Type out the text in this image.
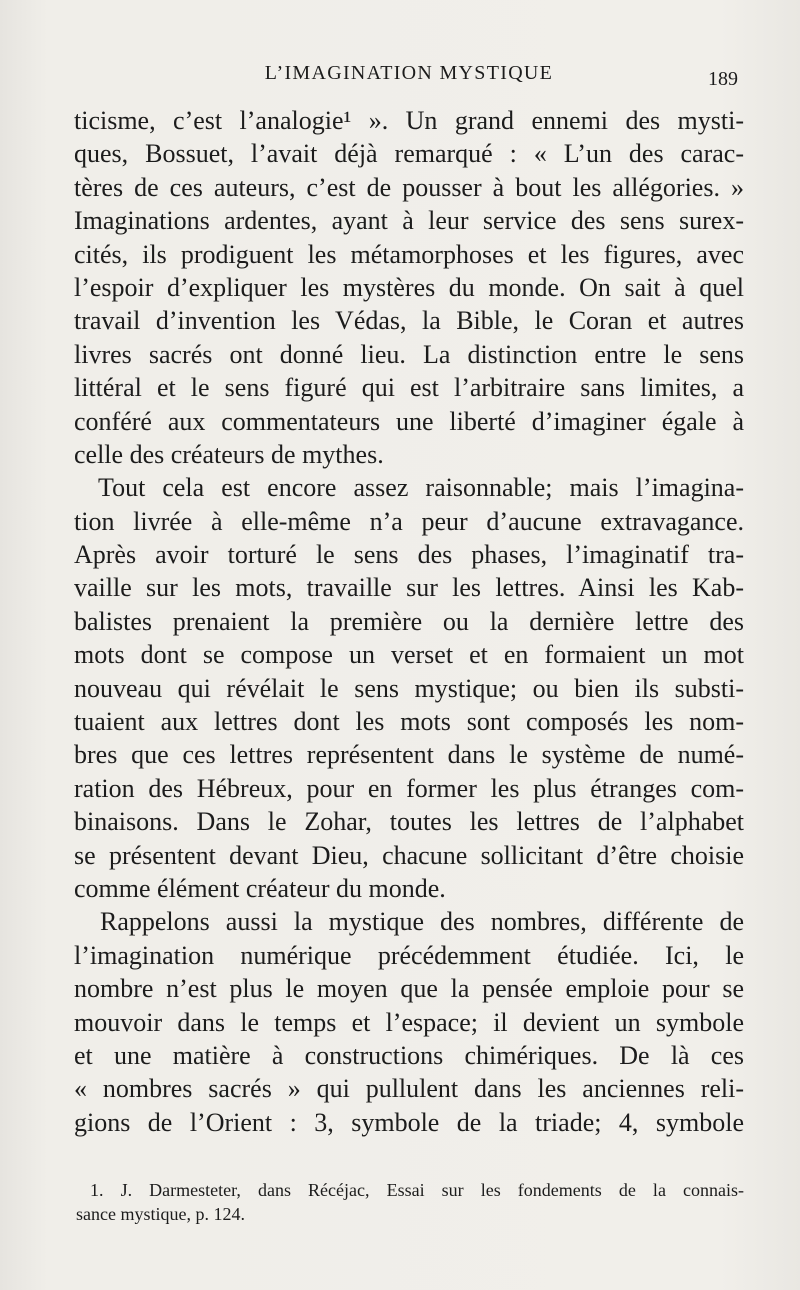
L’IMAGINATION MYSTIQUE	189
ticisme, c’est l’analogie¹ ». Un grand ennemi des mysti-
ques, Bossuet, l’avait déjà remarqué : « L’un des carac-
tères de ces auteurs, c’est de pousser à bout les allégories. »
Imaginations ardentes, ayant à leur service des sens surex-
cités, ils prodiguent les métamorphoses et les figures, avec
l’espoir d’expliquer les mystères du monde. On sait à quel
travail d’invention les Védas, la Bible, le Coran et autres
livres sacrés ont donné lieu. La distinction entre le sens
littéral et le sens figuré qui est l’arbitraire sans limites, a
conféré aux commentateurs une liberté d’imaginer égale à
celle des créateurs de mythes.
Tout cela est encore assez raisonnable; mais l’imagina-
tion livrée à elle-même n’a peur d’aucune extravagance.
Après avoir torturé le sens des phases, l’imaginatif tra-
vaille sur les mots, travaille sur les lettres. Ainsi les Kab-
balistes prenaient la première ou la dernière lettre des
mots dont se compose un verset et en formaient un mot
nouveau qui révélait le sens mystique; ou bien ils substi-
tuaient aux lettres dont les mots sont composés les nom-
bres que ces lettres représentent dans le système de numé-
ration des Hébreux, pour en former les plus étranges com-
binaisons. Dans le Zohar, toutes les lettres de l’alphabet
se présentent devant Dieu, chacune sollicitant d’être choisie
comme élément créateur du monde.
Rappelons aussi la mystique des nombres, différente de
l’imagination numérique précédemment étudiée. Ici, le
nombre n’est plus le moyen que la pensée emploie pour se
mouvoir dans le temps et l’espace; il devient un symbole
et une matière à constructions chimériques. De là ces
« nombres sacrés » qui pullulent dans les anciennes reli-
gions de l’Orient : 3, symbole de la triade; 4, symbole
1. J. Darmesteter, dans Récéjac, Essai sur les fondements de la connais-
sance mystique, p. 124.
